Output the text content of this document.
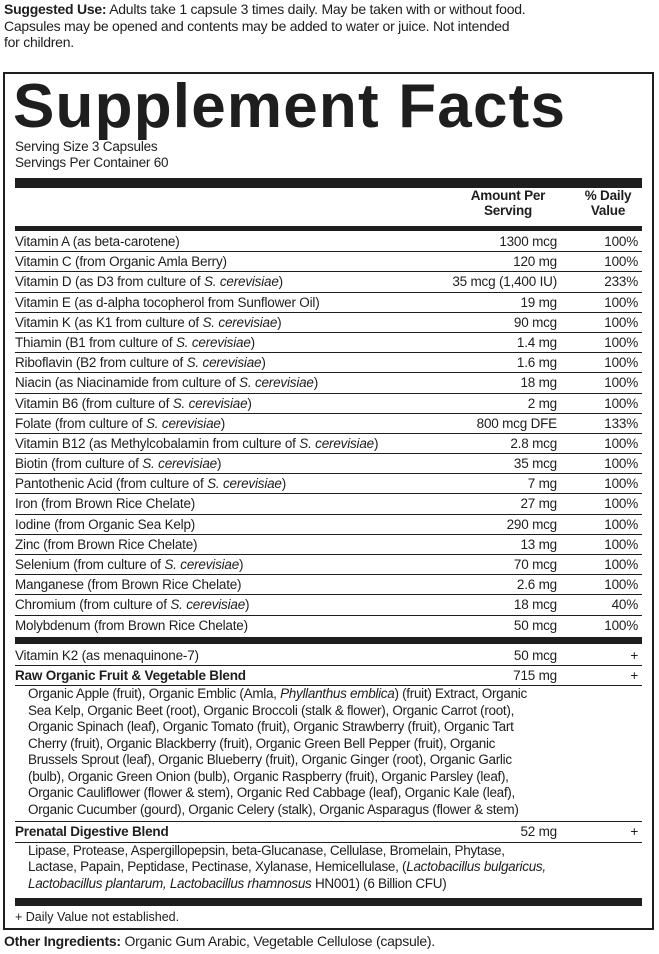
Suggested Use: Adults take 1 capsule 3 times daily. May be taken with or without food.
Capsules may be opened and contents may be added to water or juice. Not intended
for children.
Supplement Facts
Serving Size 3 Capsules
Servings Per Container 60
Amount Per
Serving
% Daily
Value
Vitamin A (as beta-carotene)	1300 mcg	100%
Vitamin C (from Organic Amla Berry)	120 mg	100%
Vitamin D (as D3 from culture of S. cerevisiae)	35 mcg (1,400 IU)	233%
Vitamin E (as d-alpha tocopherol from Sunflower Oil)	19 mg	100%
Vitamin K (as K1 from culture of S. cerevisiae)	90 mcg	100%
Thiamin (B1 from culture of S. cerevisiae)	1.4 mg	100%
Riboflavin (B2 from culture of S. cerevisiae)	1.6 mg	100%
Niacin (as Niacinamide from culture of S. cerevisiae)	18 mg	100%
Vitamin B6 (from culture of S. cerevisiae)	2 mg	100%
Folate (from culture of S. cerevisiae)	800 mcg DFE	133%
Vitamin B12 (as Methylcobalamin from culture of S. cerevisiae)	2.8 mcg	100%
Biotin (from culture of S. cerevisiae)	35 mcg	100%
Pantothenic Acid (from culture of S. cerevisiae)	7 mg	100%
Iron (from Brown Rice Chelate)	27 mg	100%
Iodine (from Organic Sea Kelp)	290 mcg	100%
Zinc (from Brown Rice Chelate)	13 mg	100%
Selenium (from culture of S. cerevisiae)	70 mcg	100%
Manganese (from Brown Rice Chelate)	2.6 mg	100%
Chromium (from culture of S. cerevisiae)	18 mcg	40%
Molybdenum (from Brown Rice Chelate)	50 mcg	100%
Vitamin K2 (as menaquinone-7)	50 mcg	+
Raw Organic Fruit & Vegetable Blend	715 mg	+
Organic Apple (fruit), Organic Emblic (Amla, Phyllanthus emblica) (fruit) Extract, Organic
Sea Kelp, Organic Beet (root), Organic Broccoli (stalk & flower), Organic Carrot (root),
Organic Spinach (leaf), Organic Tomato (fruit), Organic Strawberry (fruit), Organic Tart
Cherry (fruit), Organic Blackberry (fruit), Organic Green Bell Pepper (fruit), Organic
Brussels Sprout (leaf), Organic Blueberry (fruit), Organic Ginger (root), Organic Garlic
(bulb), Organic Green Onion (bulb), Organic Raspberry (fruit), Organic Parsley (leaf),
Organic Cauliflower (flower & stem), Organic Red Cabbage (leaf), Organic Kale (leaf),
Organic Cucumber (gourd), Organic Celery (stalk), Organic Asparagus (flower & stem)
Prenatal Digestive Blend	52 mg	+
Lipase, Protease, Aspergillopepsin, beta-Glucanase, Cellulase, Bromelain, Phytase,
Lactase, Papain, Peptidase, Pectinase, Xylanase, Hemicellulase, (Lactobacillus bulgaricus,
Lactobacillus plantarum, Lactobacillus rhamnosus HN001) (6 Billion CFU)
+ Daily Value not established.
Other Ingredients: Organic Gum Arabic, Vegetable Cellulose (capsule).
